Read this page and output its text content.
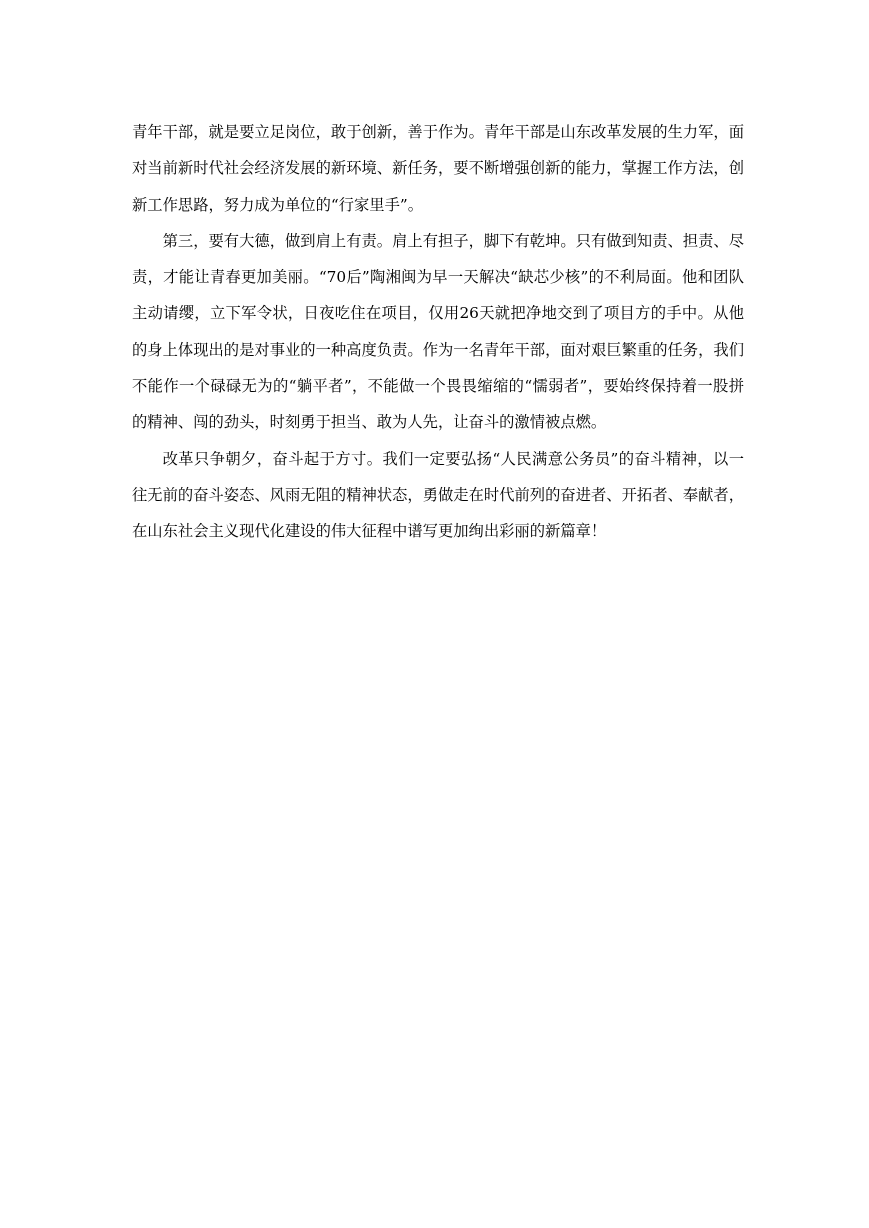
青年干部，就是要立足岗位，敢于创新，善于作为。青年干部是山东改革发展的生力军，面对当前新时代社会经济发展的新环境、新任务，要不断增强创新的能力，掌握工作方法，创新工作思路，努力成为单位的“行家里手”。

第三，要有大德，做到肩上有责。肩上有担子，脚下有乾坤。只有做到知责、担责、尽责，才能让青春更加美丽。“70后”陶湘闽为早一天解决“缺芯少核”的不利局面。他和团队主动请缨，立下军令状，日夜吃住在项目，仅用26天就把净地交到了项目方的手中。从他的身上体现出的是对事业的一种高度负责。作为一名青年干部，面对艰巨繁重的任务，我们不能作一个碌碌无为的“躺平者”，不能做一个畏畏缩缩的“懦弱者”，要始终保持着一股拼的精神、闯的劲头，时刻勇于担当、敢为人先，让奋斗的激情被点燃。

改革只争朝夕，奋斗起于方寸。我们一定要弘扬“人民满意公务员”的奋斗精神，以一往无前的奋斗姿态、风雨无阻的精神状态，勇做走在时代前列的奋进者、开拓者、奉献者，在山东社会主义现代化建设的伟大征程中谱写更加绚出彩丽的新篇章！
